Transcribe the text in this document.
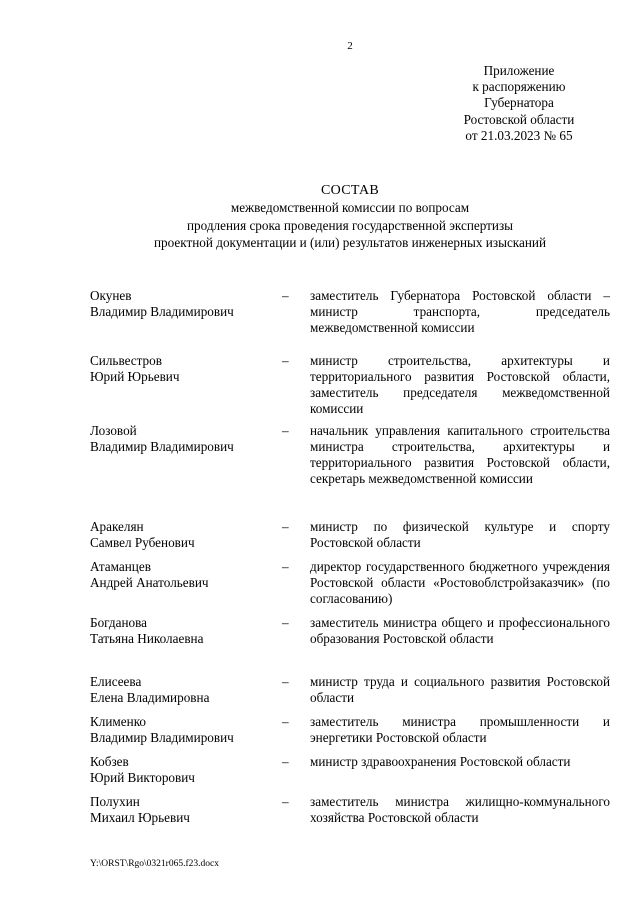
2
Приложение
к распоряжению
Губернатора
Ростовской области
от 21.03.2023 № 65
СОСТАВ
межведомственной комиссии по вопросам
продления срока проведения государственной экспертизы
проектной документации и (или) результатов инженерных изысканий
Окунев
Владимир Владимирович
–	заместитель Губернатора Ростовской области – министр транспорта, председатель межведомственной комиссии
Сильвестров
Юрий Юрьевич
–	министр строительства, архитектуры и территориального развития Ростовской области, заместитель председателя межведомственной комиссии
Лозовой
Владимир Владимирович
–	начальник управления капитального строительства министра строительства, архитектуры и территориального развития Ростовской области, секретарь межведомственной комиссии
Аракелян
Самвел Рубенович
–	министр по физической культуре и спорту Ростовской области
Атаманцев
Андрей Анатольевич
–	директор государственного бюджетного учреждения Ростовской области «Ростовоблстройзаказчик» (по согласованию)
Богданова
Татьяна Николаевна
–	заместитель министра общего и профессионального образования Ростовской области
Елисеева
Елена Владимировна
–	министр труда и социального развития Ростовской области
Клименко
Владимир Владимирович
–	заместитель министра промышленности и энергетики Ростовской области
Кобзев
Юрий Викторович
–	министр здравоохранения Ростовской области
Полухин
Михаил Юрьевич
–	заместитель министра жилищно-коммунального хозяйства Ростовской области
Y:\ORST\Rgo\0321r065.f23.docx
